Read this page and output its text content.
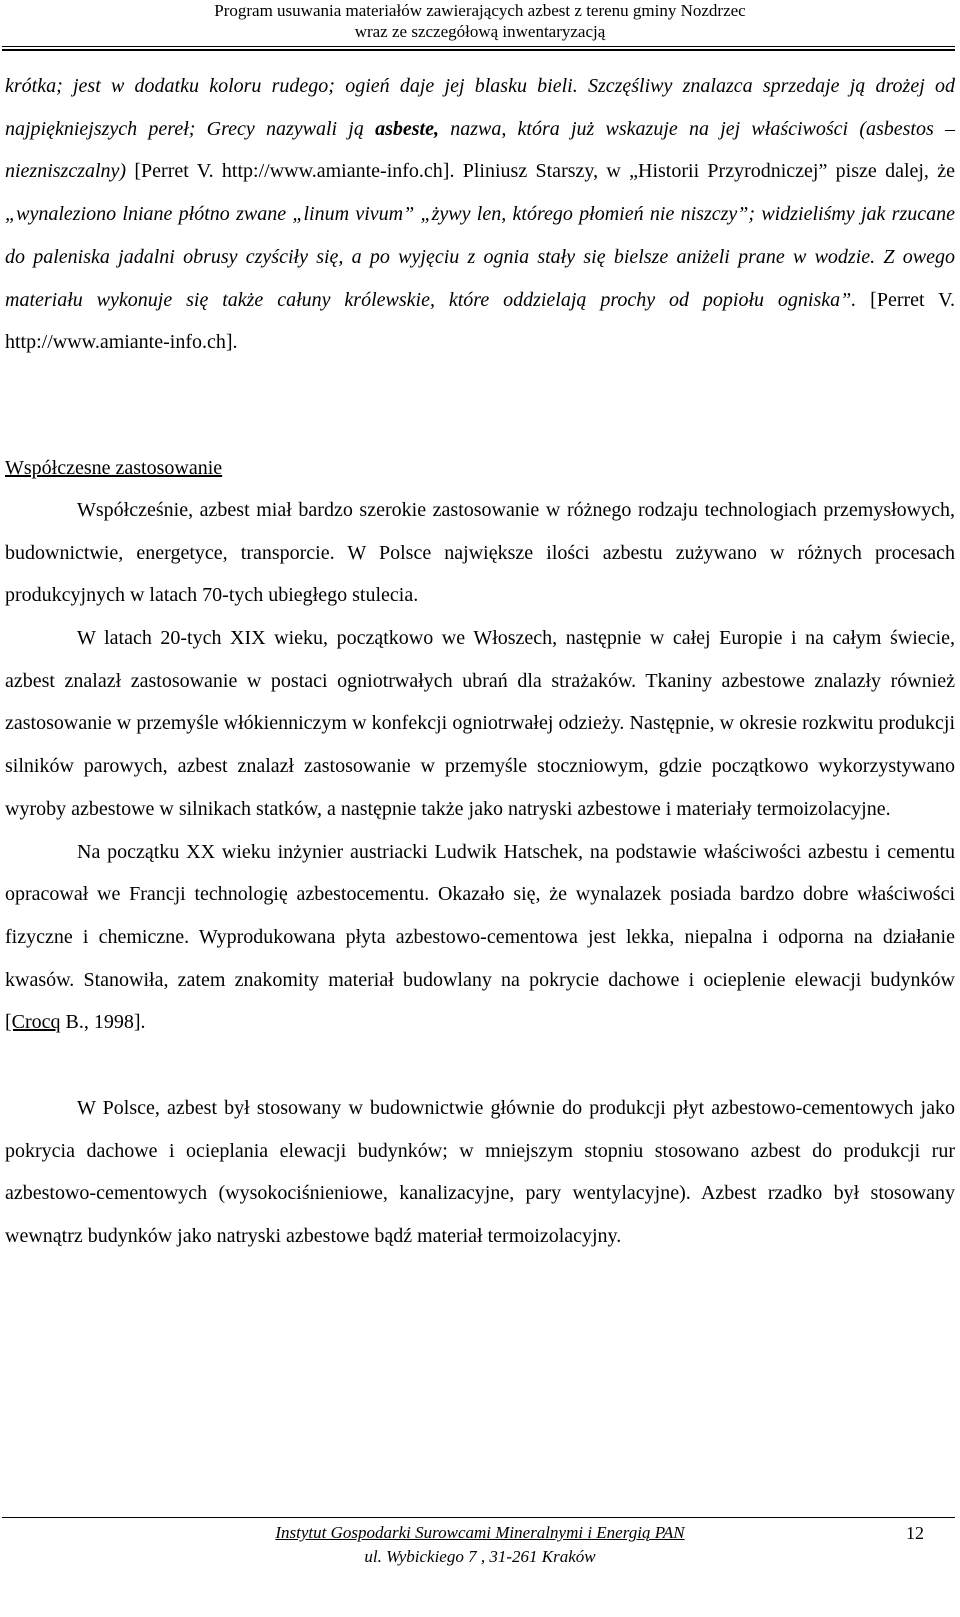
Program usuwania materiałów zawierających azbest z terenu gminy Nozdrzec
wraz ze szczegółową inwentaryzacją

krótka; jest w dodatku koloru rudego; ogień daje jej blasku bieli. Szczęśliwy znalazca sprzedaje ją drożej od najpiękniejszych pereł; Grecy nazywali ją asbeste, nazwa, która już wskazuje na jej właściwości (asbestos – niezniszczalny) [Perret V. http://www.amiante-info.ch]. Pliniusz Starszy, w „Historii Przyrodniczej” pisze dalej, że „wynaleziono lniane płótno zwane „linum vivum” „żywy len, którego płomień nie niszczy”; widzieliśmy jak rzucane do paleniska jadalni obrusy czyściły się, a po wyjęciu z ognia stały się bielsze aniżeli prane w wodzie. Z owego materiału wykonuje się także całuny królewskie, które oddzielają prochy od popiołu ogniska”. [Perret V. http://www.amiante-info.ch].

Współczesne zastosowanie

Współcześnie, azbest miał bardzo szerokie zastosowanie w różnego rodzaju technologiach przemysłowych, budownictwie, energetyce, transporcie. W Polsce największe ilości azbestu zużywano w różnych procesach produkcyjnych w latach 70-tych ubiegłego stulecia.

W latach 20-tych XIX wieku, początkowo we Włoszech, następnie w całej Europie i na całym świecie, azbest znalazł zastosowanie w postaci ogniotrwałych ubrań dla strażaków. Tkaniny azbestowe znalazły również zastosowanie w przemyśle włókienniczym w konfekcji ogniotrwałej odzieży. Następnie, w okresie rozkwitu produkcji silników parowych, azbest znalazł zastosowanie w przemyśle stoczniowym, gdzie początkowo wykorzystywano wyroby azbestowe w silnikach statków, a następnie także jako natryski azbestowe i materiały termoizolacyjne.

Na początku XX wieku inżynier austriacki Ludwik Hatschek, na podstawie właściwości azbestu i cementu opracował we Francji technologię azbestocementu. Okazało się, że wynalazek posiada bardzo dobre właściwości fizyczne i chemiczne. Wyprodukowana płyta azbestowo-cementowa jest lekka, niepalna i odporna na działanie kwasów. Stanowiła, zatem znakomity materiał budowlany na pokrycie dachowe i ocieplenie elewacji budynków [Crocq B., 1998].

W Polsce, azbest był stosowany w budownictwie głównie do produkcji płyt azbestowo-cementowych jako pokrycia dachowe i ocieplania elewacji budynków; w mniejszym stopniu stosowano azbest do produkcji rur azbestowo-cementowych (wysokociśnieniowe, kanalizacyjne, pary wentylacyjne). Azbest rzadko był stosowany wewnątrz budynków jako natryski azbestowe bądź materiał termoizolacyjny.

Instytut Gospodarki Surowcami Mineralnymi i Energią PAN
ul. Wybickiego 7 , 31-261 Kraków
12
